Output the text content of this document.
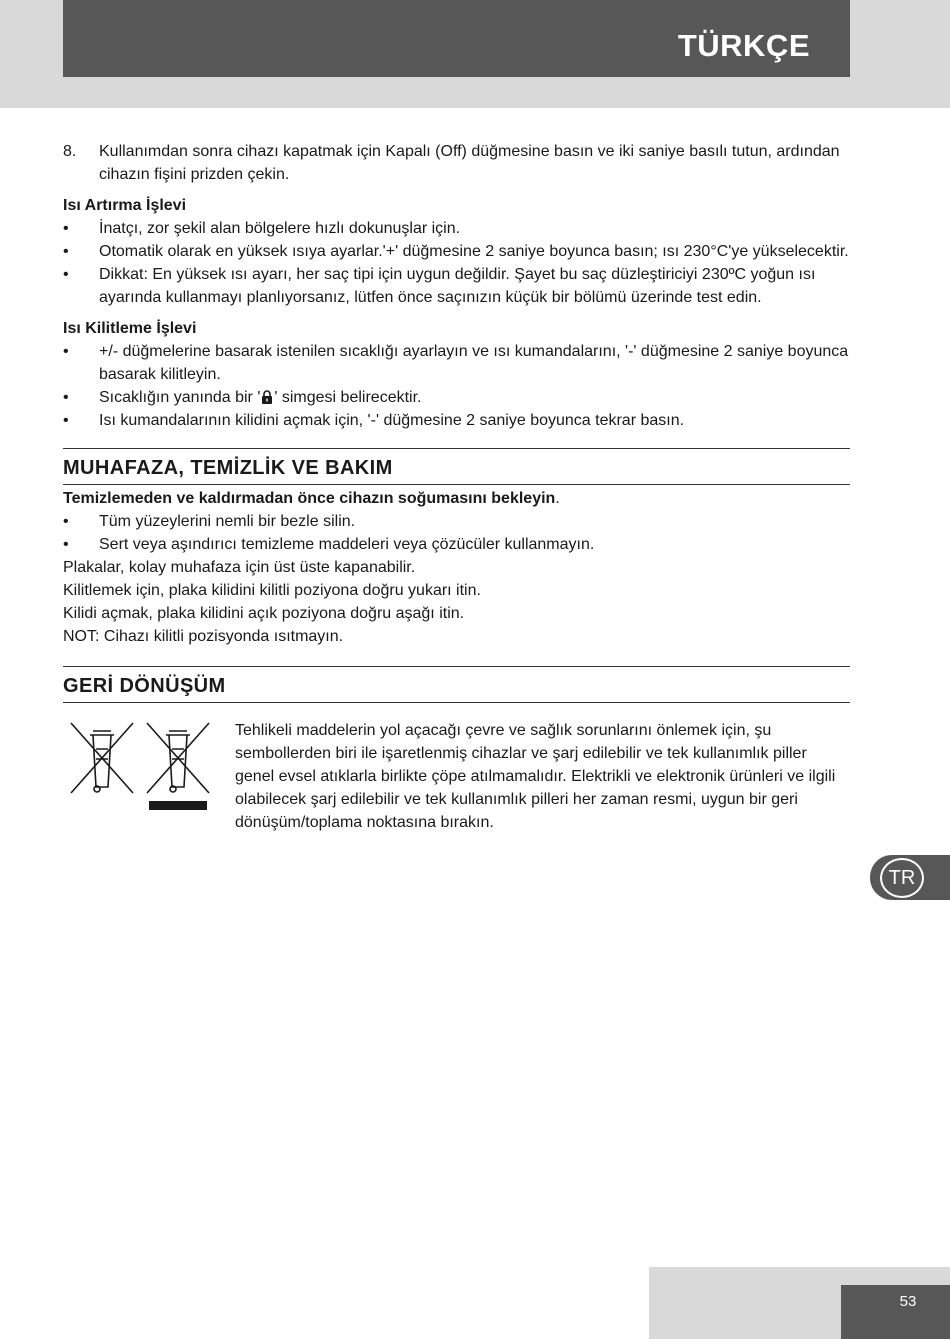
TÜRKÇE
8. Kullanımdan sonra cihazı kapatmak için Kapalı (Off) düğmesine basın ve iki saniye basılı tutun, ardından cihazın fişini prizden çekin.
Isı Artırma İşlevi
• İnatçı, zor şekil alan bölgelere hızlı dokunuşlar için.
• Otomatik olarak en yüksek ısıya ayarlar.'+' düğmesine 2 saniye boyunca basın; ısı 230°C'ye yükselecektir.
• Dikkat: En yüksek ısı ayarı, her saç tipi için uygun değildir. Şayet bu saç düzleştiriciyi 230ºC yoğun ısı ayarında kullanmayı planlıyorsanız, lütfen önce saçınızın küçük bir bölümü üzerinde test edin.
Isı Kilitleme İşlevi
• +/- düğmelerine basarak istenilen sıcaklığı ayarlayın ve ısı kumandalarını, '-' düğmesine 2 saniye boyunca basarak kilitleyin.
• Sıcaklığın yanında bir ' ' simgesi belirecektir.
• Isı kumandalarının kilidini açmak için, '-' düğmesine 2 saniye boyunca tekrar basın.
MUHAFAZA, TEMİZLİK VE BAKIM
Temizlemeden ve kaldırmadan önce cihazın soğumasını bekleyin.
• Tüm yüzeylerini nemli bir bezle silin.
• Sert veya aşındırıcı temizleme maddeleri veya çözücüler kullanmayın.

Plakalar, kolay muhafaza için üst üste kapanabilir.

Kilitlemek için, plaka kilidini kilitli poziyona doğru yukarı itin.

Kilidi açmak, plaka kilidini açık poziyona doğru aşağı itin.

NOT: Cihazı kilitli pozisyonda ısıtmayın.

GERİ DÖNÜŞÜM
Tehlikeli maddelerin yol açacağı çevre ve sağlık sorunlarını önlemek için, şu sembollerden biri ile işaretlenmiş cihazlar ve şarj edilebilir ve tek kullanımlık piller genel evsel atıklarla birlikte çöpe atılmamalıdır. Elektrikli ve elektronik ürünleri ve ilgili olabilecek şarj edilebilir ve tek kullanımlık pilleri her zaman resmi, uygun bir geri dönüşüm/toplama noktasına bırakın.
TR
53
